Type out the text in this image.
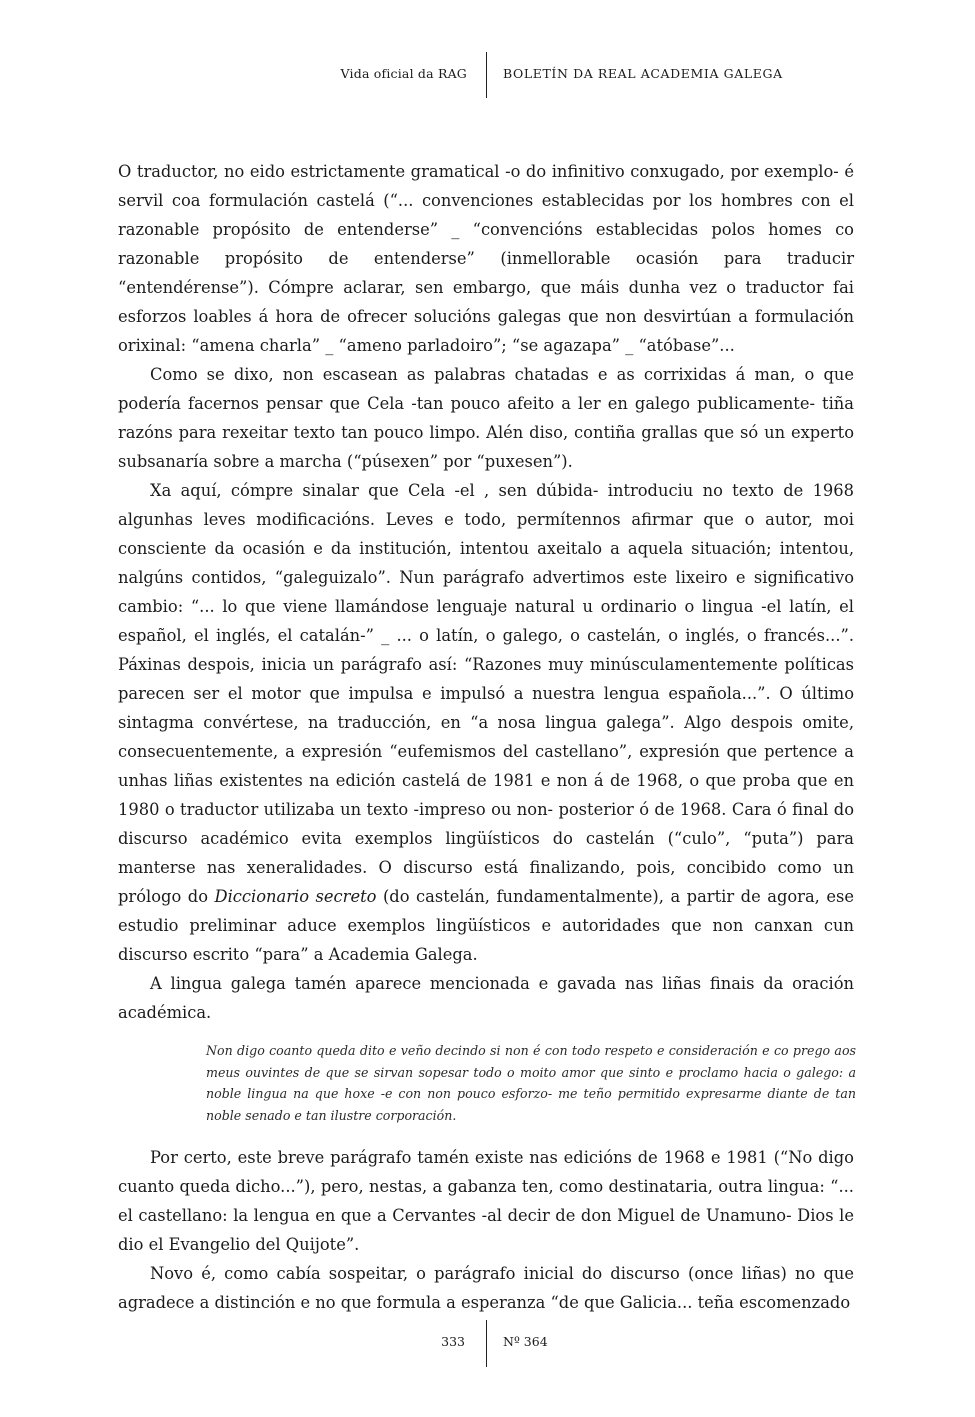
Vida oficial da RAG	BOLETÍN DA REAL ACADEMIA GALEGA

O traductor, no eido estrictamente gramatical -o do infinitivo conxugado, por exemplo- é servil coa formulación castelá (“... convenciones establecidas por los hombres con el razonable propósito de entenderse” _ “convencións establecidas polos homes co razonable propósito de entenderse” (inmellorable ocasión para traducir “entendérense”). Cómpre aclarar, sen embargo, que máis dunha vez o traductor fai esforzos loables á hora de ofrecer solucións galegas que non desvirtúan a formulación orixinal: “amena charla” _ “ameno parladoiro”; “se agazapa” _ “atóbase”...

Como se dixo, non escasean as palabras chatadas e as corrixidas á man, o que podería facernos pensar que Cela -tan pouco afeito a ler en galego publicamente- tiña razóns para rexeitar texto tan pouco limpo. Alén diso, contiña grallas que só un experto subsanaría sobre a marcha (“púsexen” por “puxesen”).

Xa aquí, cómpre sinalar que Cela -el , sen dúbida- introduciu no texto de 1968 algunhas leves modificacións. Leves e todo, permítennos afirmar que o autor, moi consciente da ocasión e da institución, intentou axeitalo a aquela situación; intentou, nalgúns contidos, “galeguizalo”. Nun parágrafo advertimos este lixeiro e significativo cambio: “... lo que viene llamándose lenguaje natural u ordinario o lingua -el latín, el español, el inglés, el catalán-” _ ... o latín, o galego, o castelán, o inglés, o francés...”. Páxinas despois, inicia un parágrafo así: “Razones muy minúsculamentemente políticas parecen ser el motor que impulsa e impulsó a nuestra lengua española...”. O último sintagma convértese, na traducción, en “a nosa lingua galega”. Algo despois omite, consecuentemente, a expresión “eufemismos del castellano”, expresión que pertence a unhas liñas existentes na edición castelá de 1981 e non á de 1968, o que proba que en 1980 o traductor utilizaba un texto -impreso ou non- posterior ó de 1968. Cara ó final do discurso académico evita exemplos lingüísticos do castelán (“culo”, “puta”) para manterse nas xeneralidades. O discurso está finalizando, pois, concibido como un prólogo do Diccionario secreto (do castelán, fundamentalmente), a partir de agora, ese estudio preliminar aduce exemplos lingüísticos e autoridades que non canxan cun discurso escrito “para” a Academia Galega.

A lingua galega tamén aparece mencionada e gavada nas liñas finais da oración académica.

Non digo coanto queda dito e veño decindo si non é con todo respeto e consideración e co prego aos meus ouvintes de que se sirvan sopesar todo o moito amor que sinto e proclamo hacia o galego: a noble lingua na que hoxe -e con non pouco esforzo- me teño permitido expresarme diante de tan noble senado e tan ilustre corporación.

Por certo, este breve parágrafo tamén existe nas edicións de 1968 e 1981 (“No digo cuanto queda dicho...”), pero, nestas, a gabanza ten, como destinataria, outra lingua: “... el castellano: la lengua en que a Cervantes -al decir de don Miguel de Unamuno- Dios le dio el Evangelio del Quijote”.

Novo é, como cabía sospeitar, o parágrafo inicial do discurso (once liñas) no que agradece a distinción e no que formula a esperanza “de que Galicia... teña escomenzado

333	Nº 364
